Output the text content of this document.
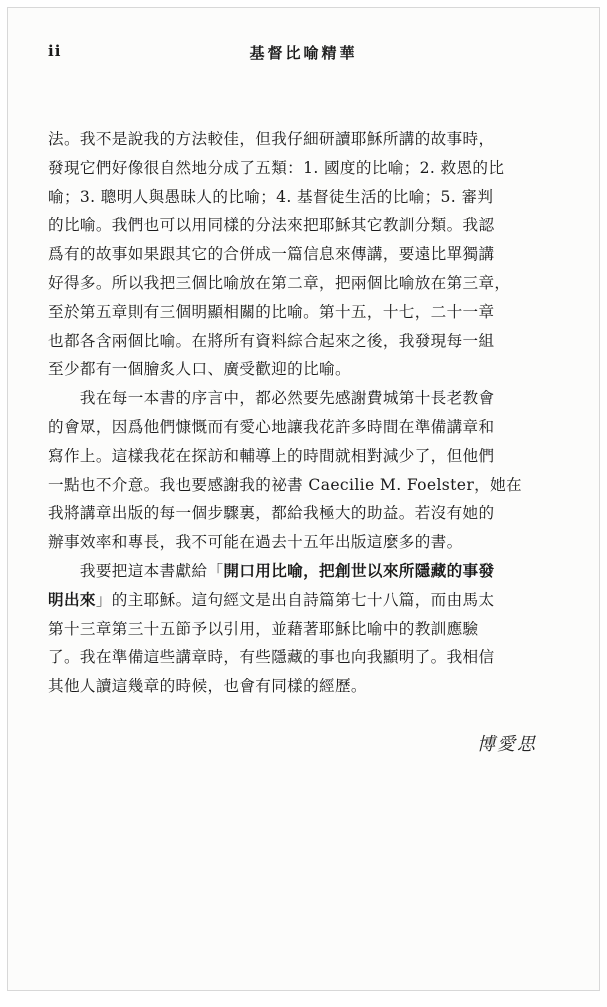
ii	基督比喻精華
法。我不是說我的方法較佳，但我仔細研讀耶穌所講的故事時，
發現它們好像很自然地分成了五類：1. 國度的比喻；2. 救恩的比
喻；3. 聰明人與愚昧人的比喻；4. 基督徒生活的比喻；5. 審判
的比喻。我們也可以用同樣的分法來把耶穌其它教訓分類。我認
爲有的故事如果跟其它的合併成一篇信息來傳講，要遠比單獨講
好得多。所以我把三個比喻放在第二章，把兩個比喻放在第三章，
至於第五章則有三個明顯相關的比喻。第十五，十七，二十一章
也都各含兩個比喻。在將所有資料綜合起來之後，我發現每一組
至少都有一個膾炙人口、廣受歡迎的比喻。
　　我在每一本書的序言中，都必然要先感謝費城第十長老教會
的會眾，因爲他們慷慨而有愛心地讓我花許多時間在準備講章和
寫作上。這樣我花在探訪和輔導上的時間就相對減少了，但他們
一點也不介意。我也要感謝我的祕書 Caecilie M. Foelster，她在
我將講章出版的每一個步驟裏，都給我極大的助益。若沒有她的
辦事效率和專長，我不可能在過去十五年出版這麼多的書。
　　我要把這本書獻給「開口用比喻，把創世以來所隱藏的事發
明出來」的主耶穌。這句經文是出自詩篇第七十八篇，而由馬太
第十三章第三十五節予以引用，並藉著耶穌比喻中的教訓應驗
了。我在準備這些講章時，有些隱藏的事也向我顯明了。我相信
其他人讀這幾章的時候，也會有同樣的經歷。
博愛思
